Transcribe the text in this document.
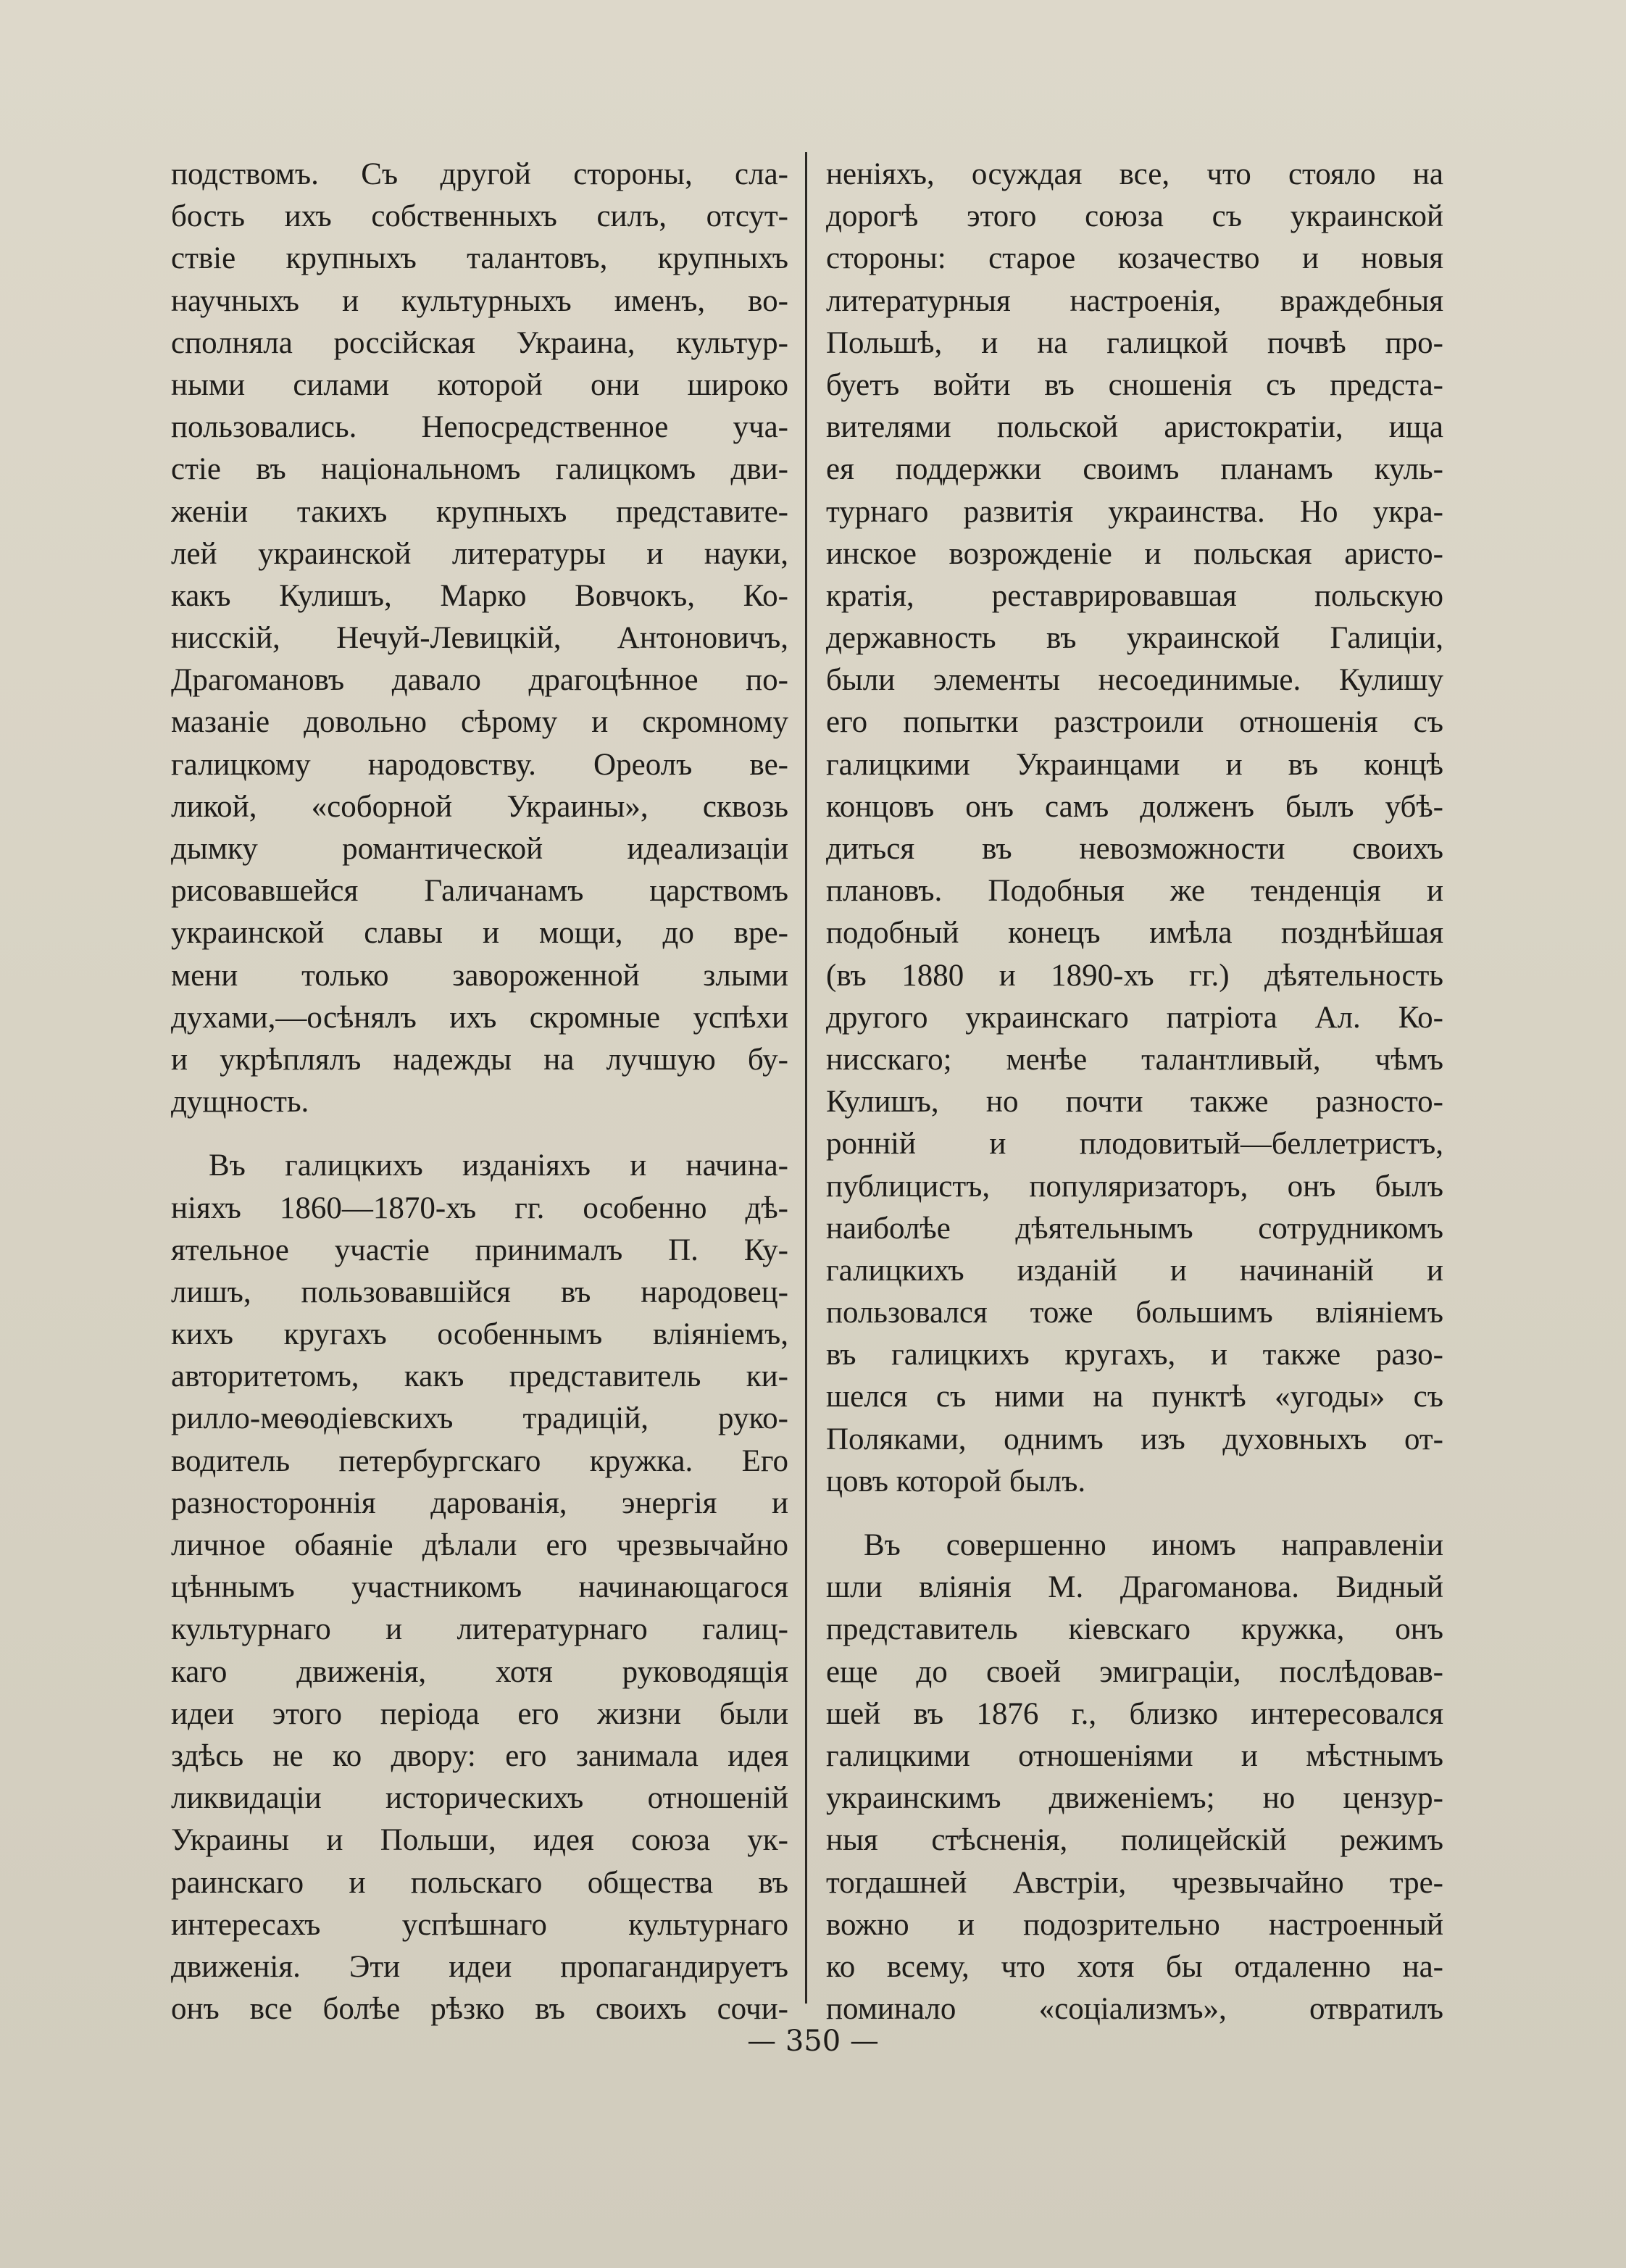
подствомъ. Съ другой стороны, сла-
бость ихъ собственныхъ силъ, отсут-
ствіе крупныхъ талантовъ, крупныхъ
научныхъ и культурныхъ именъ, во-
сполняла россійская Украина, культур-
ными силами которой они широко
пользовались. Непосредственное уча-
стіе въ національномъ галицкомъ дви-
женіи такихъ крупныхъ представите-
лей украинской литературы и науки,
какъ Кулишъ, Марко Вовчокъ, Ко-
нисскій, Нечуй-Левицкій, Антоновичъ,
Драгомановъ давало драгоцѣнное по-
мазаніе довольно сѣрому и скромному
галицкому народовству. Ореолъ ве-
ликой, «соборной Украины», сквозь
дымку романтической идеализаціи
рисовавшейся Галичанамъ царствомъ
украинской славы и мощи, до вре-
мени только завороженной злыми
духами,—осѣнялъ ихъ скромные успѣхи
и укрѣплялъ надежды на лучшую бу-
дущность.
Въ галицкихъ изданіяхъ и начина-
ніяхъ 1860—1870-хъ гг. особенно дѣ-
ятельное участіе принималъ П. Ку-
лишъ, пользовавшійся въ народовец-
кихъ кругахъ особеннымъ вліяніемъ,
авторитетомъ, какъ представитель ки-
рилло-меѳодіевскихъ традицій, руко-
водитель петербургскаго кружка. Его
разностороннія дарованія, энергія и
личное обаяніе дѣлали его чрезвычайно
цѣннымъ участникомъ начинающагося
культурнаго и литературнаго галиц-
каго движенія, хотя руководящія
идеи этого періода его жизни были
здѣсь не ко двору: его занимала идея
ликвидаціи историческихъ отношеній
Украины и Польши, идея союза ук-
раинскаго и польскаго общества въ
интересахъ успѣшнаго культурнаго
движенія. Эти идеи пропагандируетъ
онъ все болѣе рѣзко въ своихъ сочи-
неніяхъ, осуждая все, что стояло на
дорогѣ этого союза съ украинской
стороны: старое козачество и новыя
литературныя настроенія, враждебныя
Польшѣ, и на галицкой почвѣ про-
буетъ войти въ сношенія съ предста-
вителями польской аристократіи, ища
ея поддержки своимъ планамъ куль-
турнаго развитія украинства. Но укра-
инское возрожденіе и польская аристо-
кратія, реставрировавшая польскую
державность въ украинской Галиціи,
были элементы несоединимые. Кулишу
его попытки разстроили отношенія съ
галицкими Украинцами и въ концѣ
концовъ онъ самъ долженъ былъ убѣ-
диться въ невозможности своихъ
плановъ. Подобныя же тенденція и
подобный конецъ имѣла позднѣйшая
(въ 1880 и 1890-хъ гг.) дѣятельность
другого украинскаго патріота Ал. Ко-
нисскаго; менѣе талантливый, чѣмъ
Кулишъ, но почти также разносто-
ронній и плодовитый—беллетристъ,
публицистъ, популяризаторъ, онъ былъ
наиболѣе дѣятельнымъ сотрудникомъ
галицкихъ изданій и начинаній и
пользовался тоже большимъ вліяніемъ
въ галицкихъ кругахъ, и также разо-
шелся съ ними на пунктѣ «угоды» съ
Поляками, однимъ изъ духовныхъ от-
цовъ которой былъ.
Въ совершенно иномъ направленіи
шли вліянія М. Драгоманова. Видный
представитель кіевскаго кружка, онъ
еще до своей эмиграціи, послѣдовав-
шей въ 1876 г., близко интересовался
галицкими отношеніями и мѣстнымъ
украинскимъ движеніемъ; но цензур-
ныя стѣсненія, полицейскій режимъ
тогдашней Австріи, чрезвычайно тре-
вожно и подозрительно настроенный
ко всему, что хотя бы отдаленно на-
поминало «соціализмъ», отвратилъ
— 350 —
